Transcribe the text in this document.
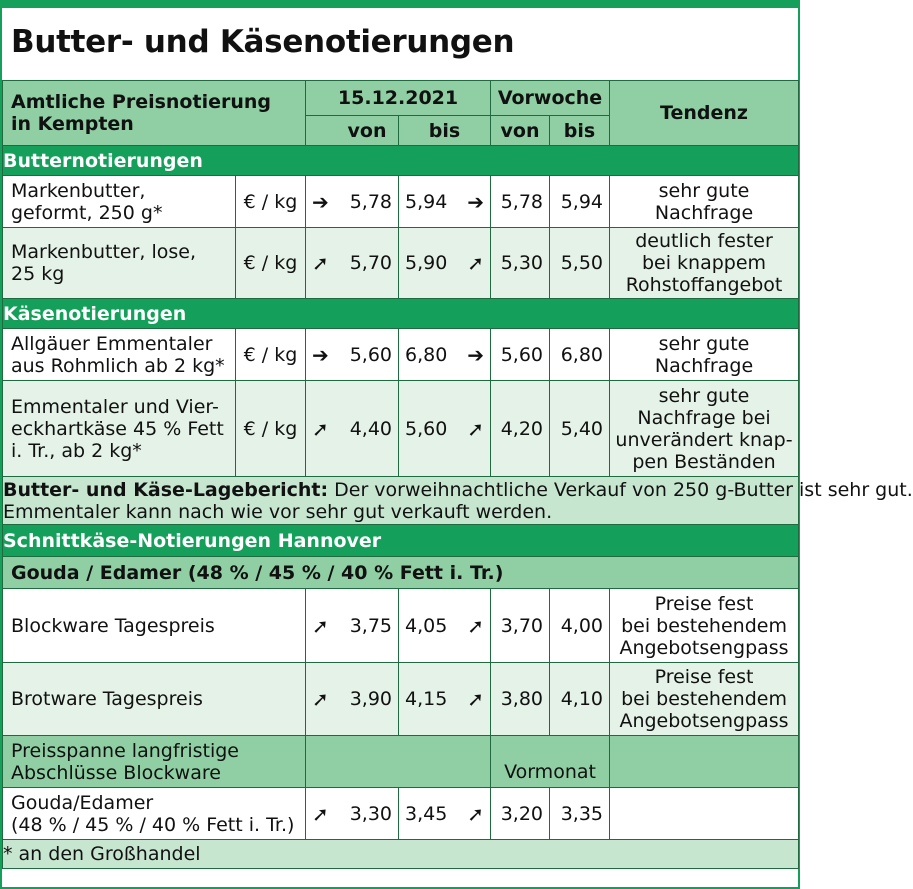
Butter- und Käsenotierungen
Amtliche Preisnotierung
in Kempten		15.12.2021		Vorwoche		Tendenz
		von	bis	von	bis	
Butternotierungen						

Markenbutter,
geformt, 250 g*	€ / kg	➔ 5,78	5,94 ➔	5,78	5,94	sehr gute
Nachfrage

Markenbutter, lose,
25 kg	€ / kg	➚ 5,70	5,90 ➚	5,30	5,50	deutlich fester
bei knappem
Rohstoffangebot

Käsenotierungen						

Allgäuer Emmentaler
aus Rohmlich ab 2 kg*	€ / kg	➔ 5,60	6,80 ➔	5,60	6,80	sehr gute
Nachfrage

Emmentaler und Vier-
eckhartkäse 45 % Fett
i. Tr., ab 2 kg*	€ / kg	➚ 4,40	5,60 ➚	4,20	5,40	sehr gute
Nachfrage bei
unverändert knap-
pen Beständen

Butter- und Käse-Lagebericht: Der vorweihnachtliche Verkauf von 250 g-Butter ist sehr gut.
Emmentaler kann nach wie vor sehr gut verkauft werden.						

Schnittkäse-Notierungen Hannover						
Gouda / Edamer (48 % / 45 % / 40 % Fett i. Tr.)						
Blockware Tagespreis		➚ 3,75	4,05 ➚	3,70	4,00	Preise fest
bei bestehendem
Angebotsengpass

Brotware Tagespreis		➚ 3,90	4,15 ➚	3,80	4,10	Preise fest
bei bestehendem
Angebotsengpass

Preisspanne langfristige
Abschlüsse Blockware				Vormonat		

Gouda/Edamer
(48 % / 45 % / 40 % Fett i. Tr.)		➚ 3,30	3,45 ➚	3,20	3,35	
* an den Großhandel						
